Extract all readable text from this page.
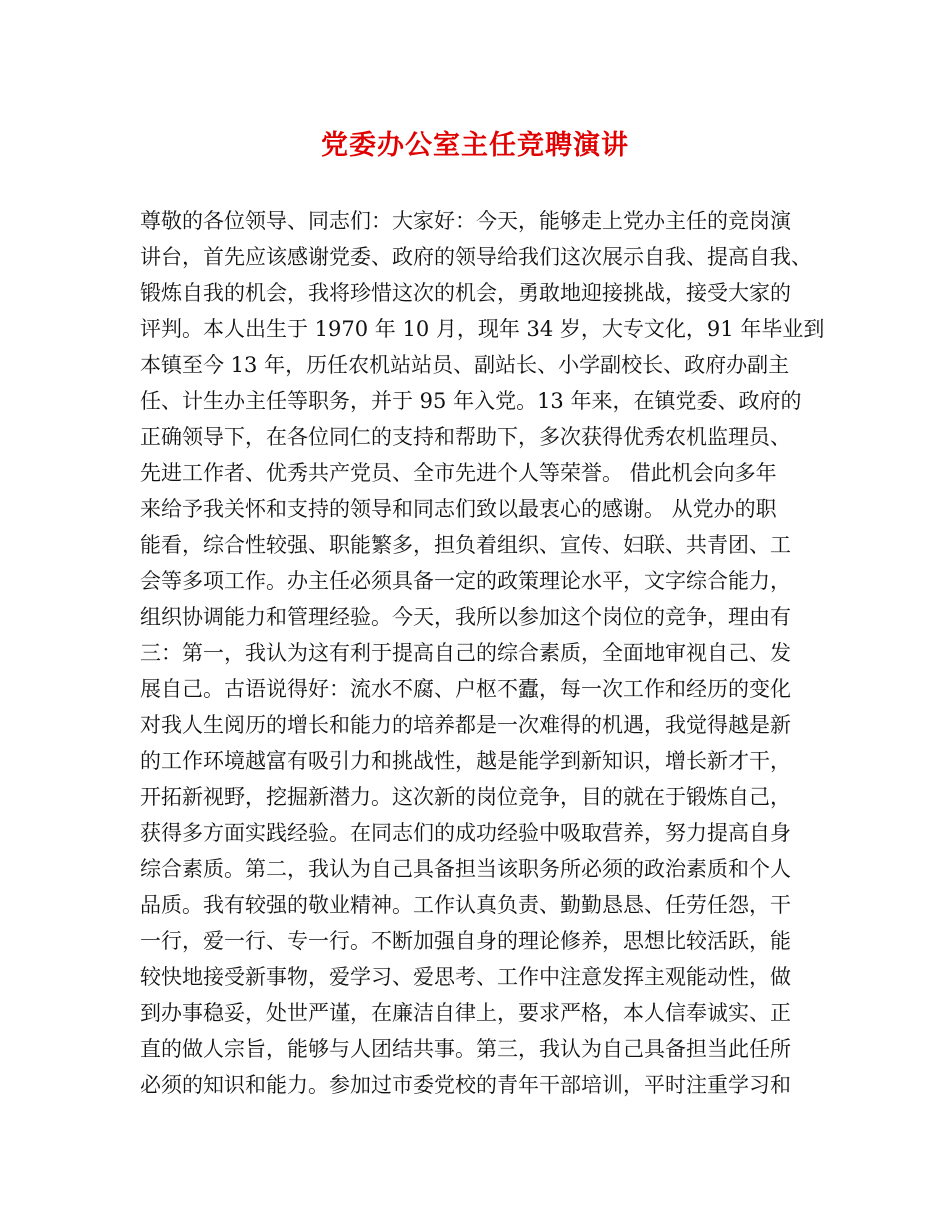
党委办公室主任竞聘演讲
尊敬的各位领导、同志们：大家好：今天，能够走上党办主任的竞岗演
讲台，首先应该感谢党委、政府的领导给我们这次展示自我、提高自我、
锻炼自我的机会，我将珍惜这次的机会，勇敢地迎接挑战，接受大家的
评判。本人出生于 1970 年 10 月，现年 34 岁，大专文化，91 年毕业到
本镇至今 13 年，历任农机站站员、副站长、小学副校长、政府办副主
任、计生办主任等职务，并于 95 年入党。13 年来，在镇党委、政府的
正确领导下，在各位同仁的支持和帮助下，多次获得优秀农机监理员、
先进工作者、优秀共产党员、全市先进个人等荣誉。 借此机会向多年
来给予我关怀和支持的领导和同志们致以最衷心的感谢。 从党办的职
能看，综合性较强、职能繁多，担负着组织、宣传、妇联、共青团、工
会等多项工作。办主任必须具备一定的政策理论水平，文字综合能力，
组织协调能力和管理经验。今天，我所以参加这个岗位的竞争，理由有
三：第一，我认为这有利于提高自己的综合素质，全面地审视自己、发
展自己。古语说得好：流水不腐、户枢不蠹，每一次工作和经历的变化
对我人生阅历的增长和能力的培养都是一次难得的机遇，我觉得越是新
的工作环境越富有吸引力和挑战性，越是能学到新知识，增长新才干，
开拓新视野，挖掘新潜力。这次新的岗位竞争，目的就在于锻炼自己，
获得多方面实践经验。在同志们的成功经验中吸取营养，努力提高自身
综合素质。第二，我认为自己具备担当该职务所必须的政治素质和个人
品质。我有较强的敬业精神。工作认真负责、勤勤恳恳、任劳任怨，干
一行，爱一行、专一行。不断加强自身的理论修养，思想比较活跃，能
较快地接受新事物，爱学习、爱思考、工作中注意发挥主观能动性，做
到办事稳妥，处世严谨，在廉洁自律上，要求严格，本人信奉诚实、正
直的做人宗旨，能够与人团结共事。第三，我认为自己具备担当此任所
必须的知识和能力。参加过市委党校的青年干部培训，平时注重学习和
